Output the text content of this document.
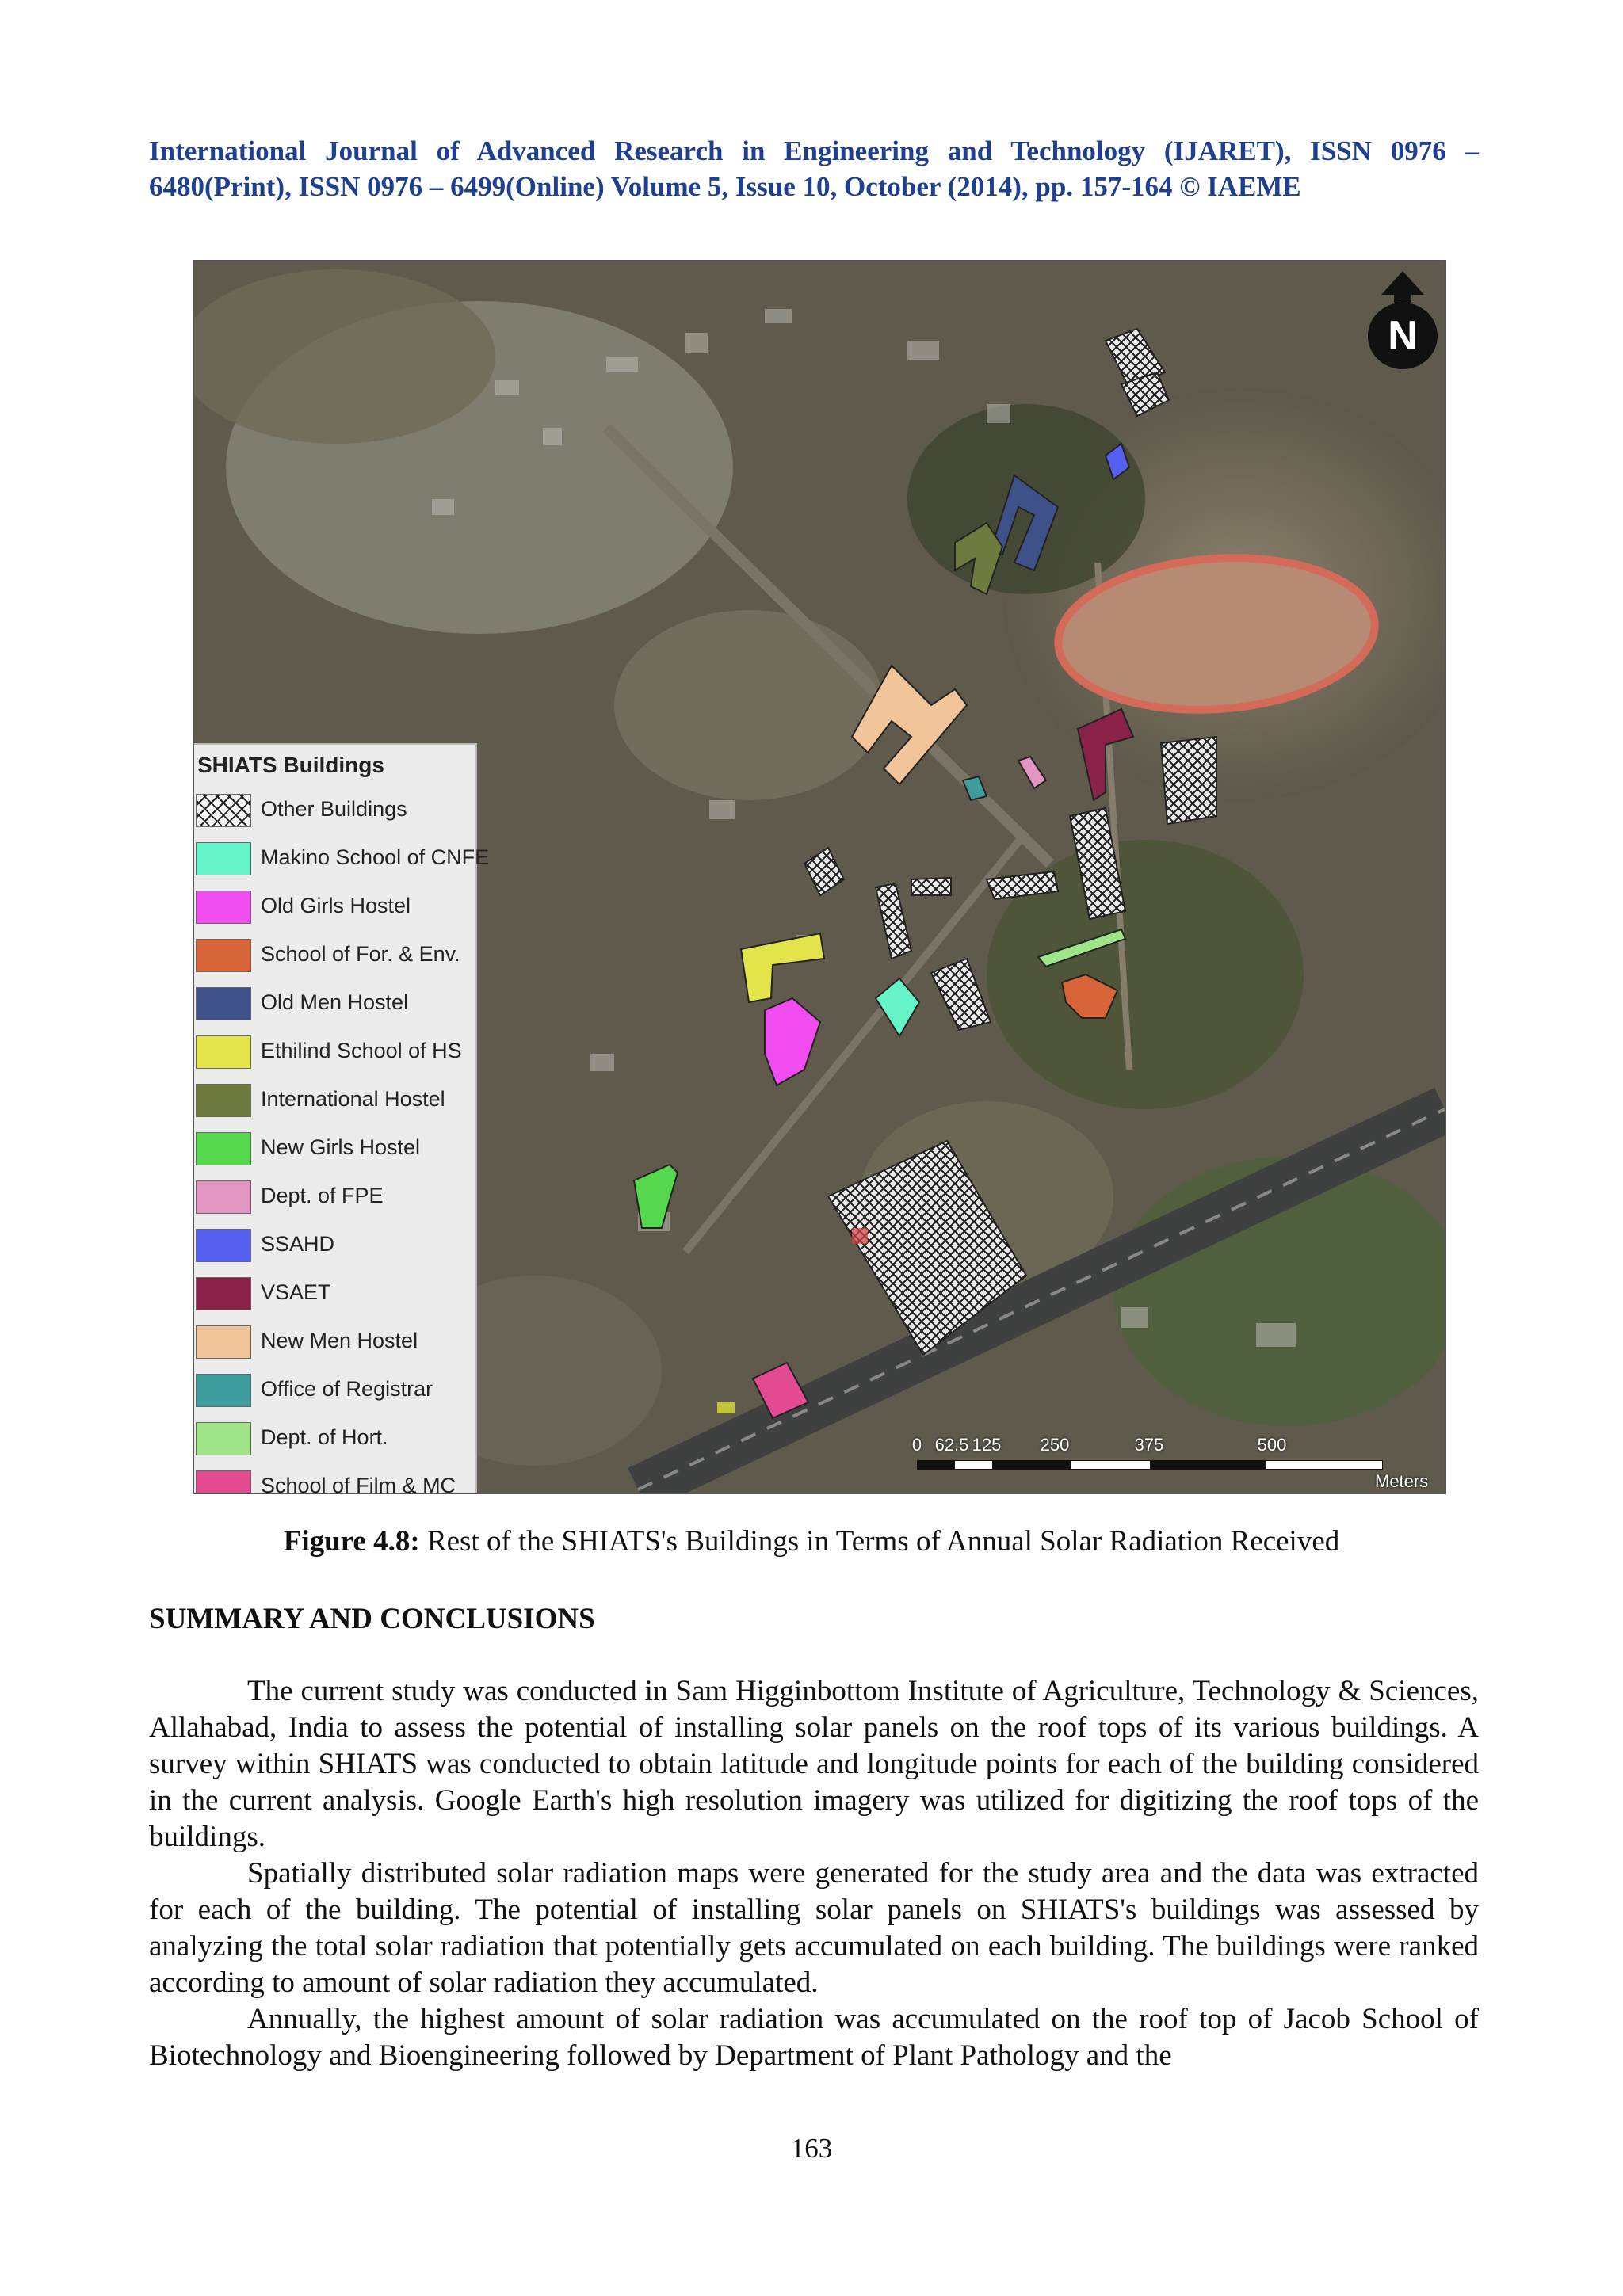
International Journal of Advanced Research in Engineering and Technology (IJARET), ISSN 0976 – 6480(Print), ISSN 0976 – 6499(Online) Volume 5, Issue 10, October (2014), pp. 157-164 © IAEME
N
SHIATS Buildings
Other Buildings
Makino School of CNFE
Old Girls Hostel
School of For. & Env.
Old Men Hostel
Ethilind School of HS
International Hostel
New Girls Hostel
Dept. of FPE
SSAHD
VSAET
New Men Hostel
Office of Registrar
Dept. of Hort.
School of Film & MC
0 62.5 125 250	375	500
Meters
Figure 4.8: Rest of the SHIATS's Buildings in Terms of Annual Solar Radiation Received
SUMMARY AND CONCLUSIONS

The current study was conducted in Sam Higginbottom Institute of Agriculture, Technology & Sciences, Allahabad, India to assess the potential of installing solar panels on the roof tops of its various buildings. A survey within SHIATS was conducted to obtain latitude and longitude points for each of the building considered in the current analysis. Google Earth's high resolution imagery was utilized for digitizing the roof tops of the buildings.

Spatially distributed solar radiation maps were generated for the study area and the data was extracted for each of the building. The potential of installing solar panels on SHIATS's buildings was assessed by analyzing the total solar radiation that potentially gets accumulated on each building. The buildings were ranked according to amount of solar radiation they accumulated.

Annually, the highest amount of solar radiation was accumulated on the roof top of Jacob School of Biotechnology and Bioengineering followed by Department of Plant Pathology and the

163
